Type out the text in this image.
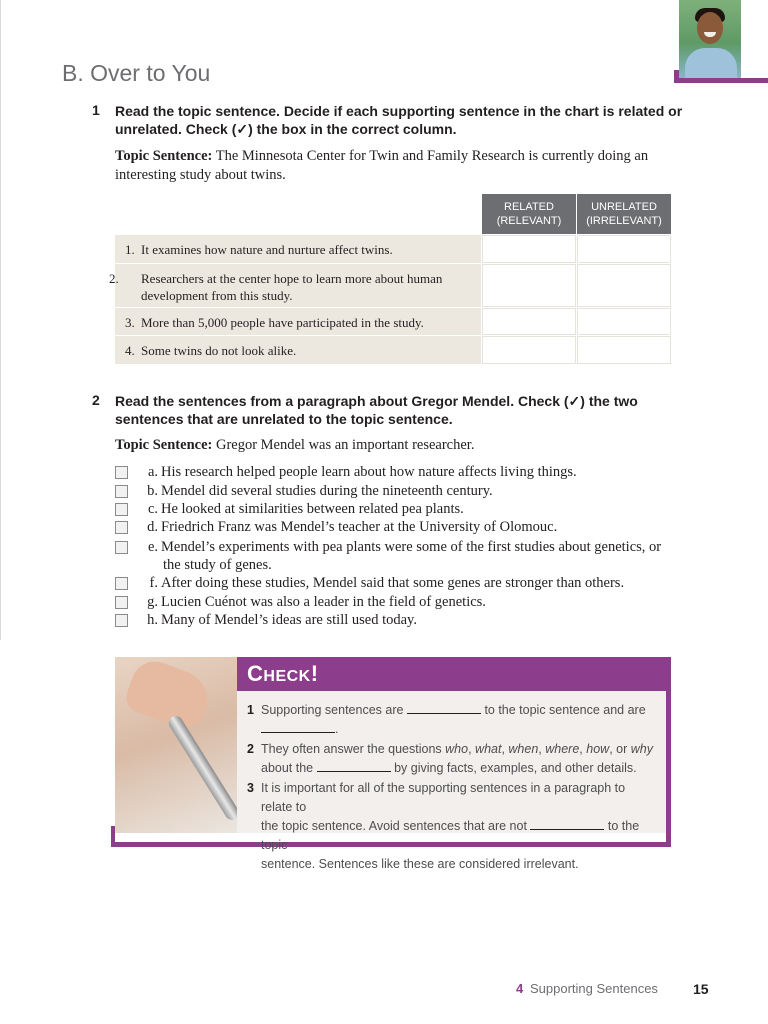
B. Over to You
1 Read the topic sentence. Decide if each supporting sentence in the chart is related or
unrelated. Check (✓) the box in the correct column.
Topic Sentence: The Minnesota Center for Twin and Family Research is currently doing an
interesting study about twins.
RELATED
(RELEVANT)
UNRELATED
(IRRELEVANT)
1. It examines how nature and nurture affect twins.
2. Researchers at the center hope to learn more about human
development from this study.
3. More than 5,000 people have participated in the study.
4. Some twins do not look alike.
2 Read the sentences from a paragraph about Gregor Mendel. Check (✓) the two
sentences that are unrelated to the topic sentence.
Topic Sentence: Gregor Mendel was an important researcher.
a. His research helped people learn about how nature affects living things.
b. Mendel did several studies during the nineteenth century.
c. He looked at similarities between related pea plants.
d. Friedrich Franz was Mendel’s teacher at the University of Olomouc.
e. Mendel’s experiments with pea plants were some of the first studies about genetics, or
the study of genes.
f. After doing these studies, Mendel said that some genes are stronger than others.
g. Lucien Cuénot was also a leader in the field of genetics.
h. Many of Mendel’s ideas are still used today.
CHECK!
1 Supporting sentences are	to the topic sentence and are
.
2 They often answer the questions who, what, when, where, how, or why
about the	by giving facts, examples, and other details.
3 It is important for all of the supporting sentences in a paragraph to relate to
the topic sentence. Avoid sentences that are not	to the topic
sentence. Sentences like these are considered irrelevant.
4 Supporting Sentences	15
